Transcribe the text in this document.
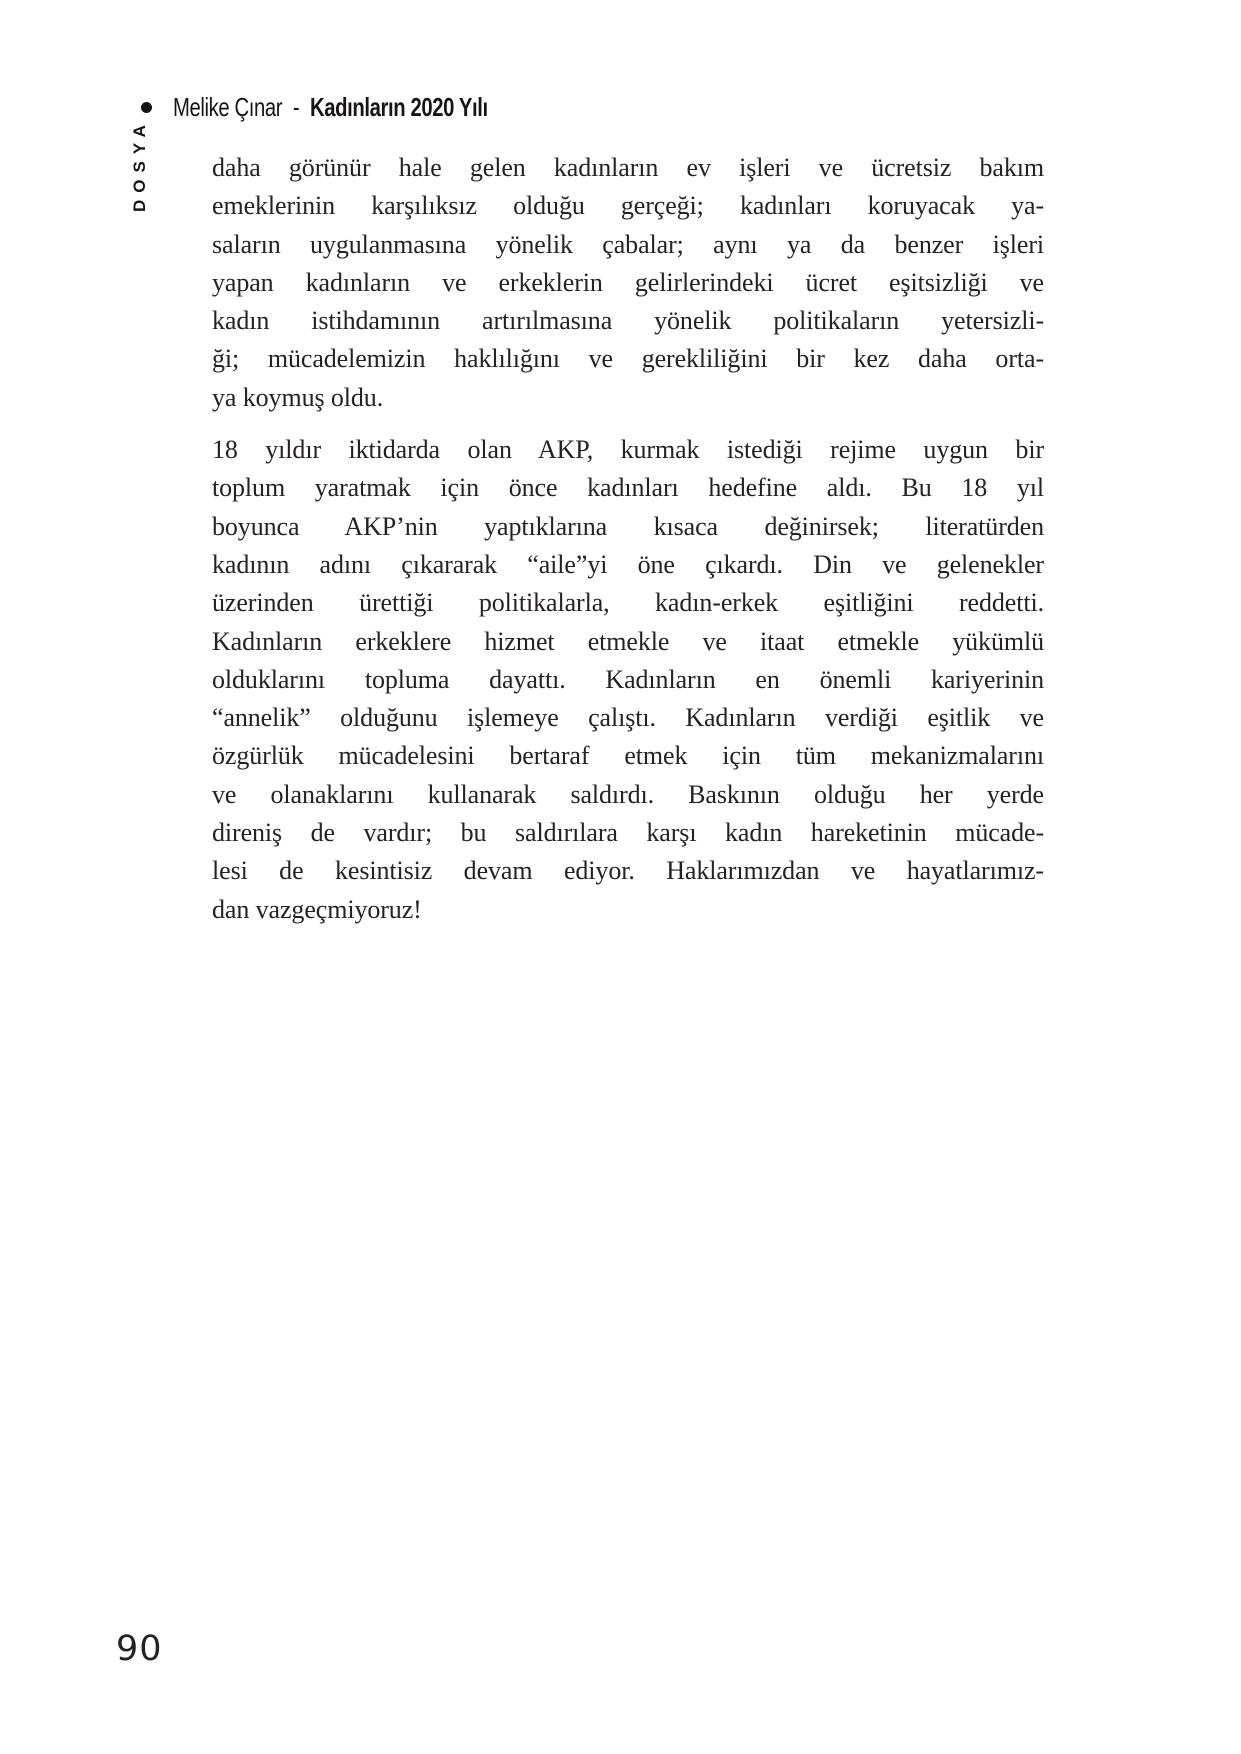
Melike Çınar - Kadınların 2020 Yılı
DOSYA daha görünür hale gelen kadınların ev işleri ve ücretsiz bakım
emeklerinin karşılıksız olduğu gerçeği; kadınları koruyacak ya-
saların uygulanmasına yönelik çabalar; aynı ya da benzer işleri
yapan kadınların ve erkeklerin gelirlerindeki ücret eşitsizliği ve
kadın istihdamının artırılmasına yönelik politikaların yetersizli-
ği; mücadelemizin haklılığını ve gerekliliğini bir kez daha orta-
ya koymuş oldu.
18 yıldır iktidarda olan AKP, kurmak istediği rejime uygun bir
toplum yaratmak için önce kadınları hedefine aldı. Bu 18 yıl
boyunca AKP’nin yaptıklarına kısaca değinirsek; literatürden
kadının adını çıkararak “aile”yi öne çıkardı. Din ve gelenekler
üzerinden ürettiği politikalarla, kadın-erkek eşitliğini reddetti.
Kadınların erkeklere hizmet etmekle ve itaat etmekle yükümlü
olduklarını topluma dayattı. Kadınların en önemli kariyerinin
“annelik” olduğunu işlemeye çalıştı. Kadınların verdiği eşitlik ve
özgürlük mücadelesini bertaraf etmek için tüm mekanizmalarını
ve olanaklarını kullanarak saldırdı. Baskının olduğu her yerde
direniş de vardır; bu saldırılara karşı kadın hareketinin mücade-
lesi de kesintisiz devam ediyor. Haklarımızdan ve hayatlarımız-
dan vazgeçmiyoruz!
90
